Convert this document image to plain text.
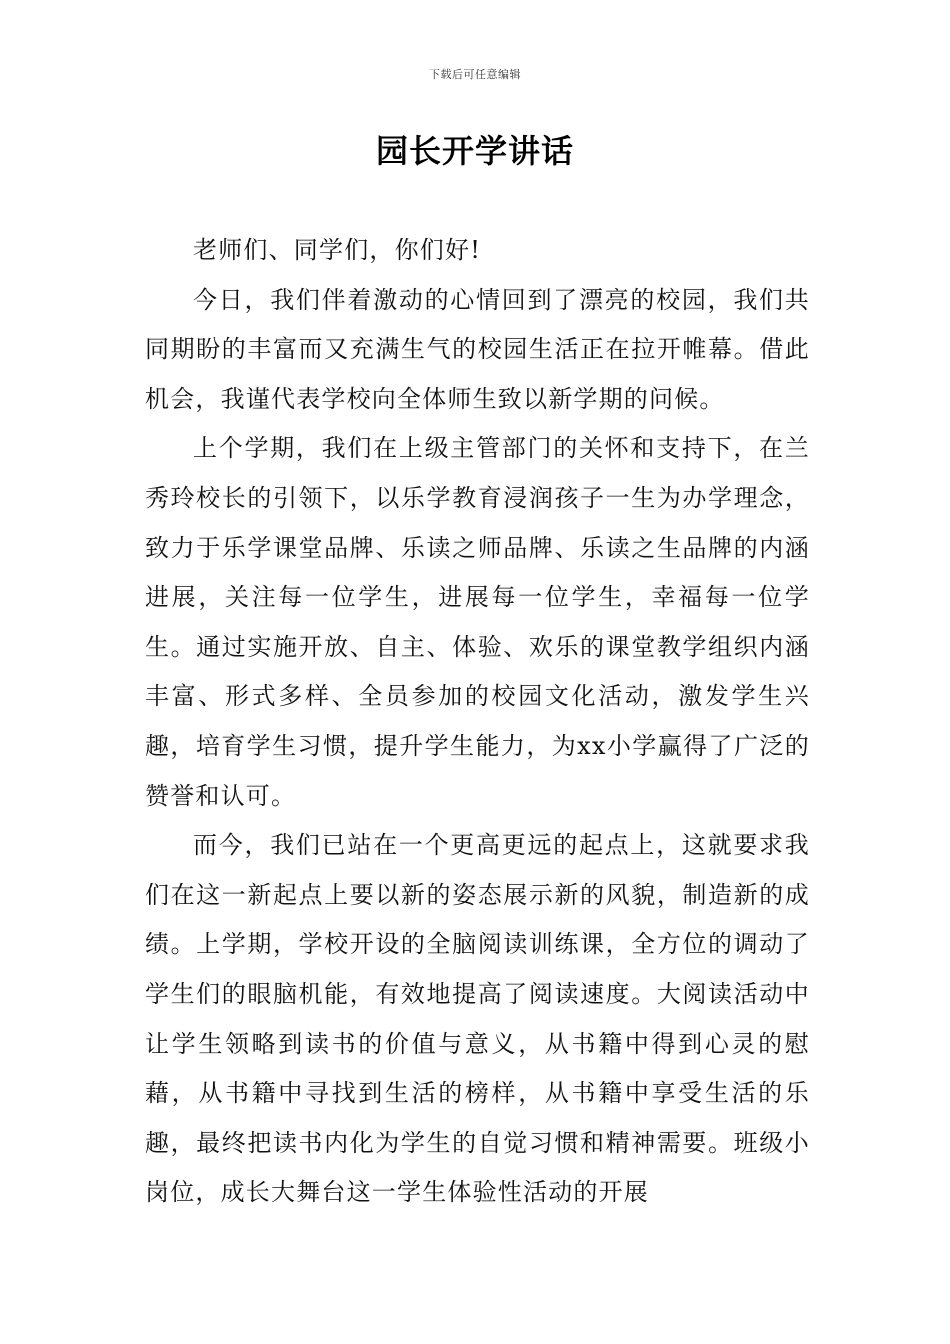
下载后可任意编辑
园长开学讲话

老师们、同学们，你们好!

今日，我们伴着激动的心情回到了漂亮的校园，我们共同期盼的丰富而又充满生气的校园生活正在拉开帷幕。借此机会，我谨代表学校向全体师生致以新学期的问候。

上个学期，我们在上级主管部门的关怀和支持下，在兰秀玲校长的引领下，以乐学教育浸润孩子一生为办学理念，致力于乐学课堂品牌、乐读之师品牌、乐读之生品牌的内涵进展，关注每一位学生，进展每一位学生，幸福每一位学生。通过实施开放、自主、体验、欢乐的课堂教学组织内涵丰富、形式多样、全员参加的校园文化活动，激发学生兴趣，培育学生习惯，提升学生能力，为xx小学赢得了广泛的赞誉和认可。

而今，我们已站在一个更高更远的起点上，这就要求我们在这一新起点上要以新的姿态展示新的风貌，制造新的成绩。上学期，学校开设的全脑阅读训练课，全方位的调动了学生们的眼脑机能，有效地提高了阅读速度。大阅读活动中让学生领略到读书的价值与意义，从书籍中得到心灵的慰藉，从书籍中寻找到生活的榜样，从书籍中享受生活的乐趣，最终把读书内化为学生的自觉习惯和精神需要。班级小岗位，成长大舞台这一学生体验性活动的开展
